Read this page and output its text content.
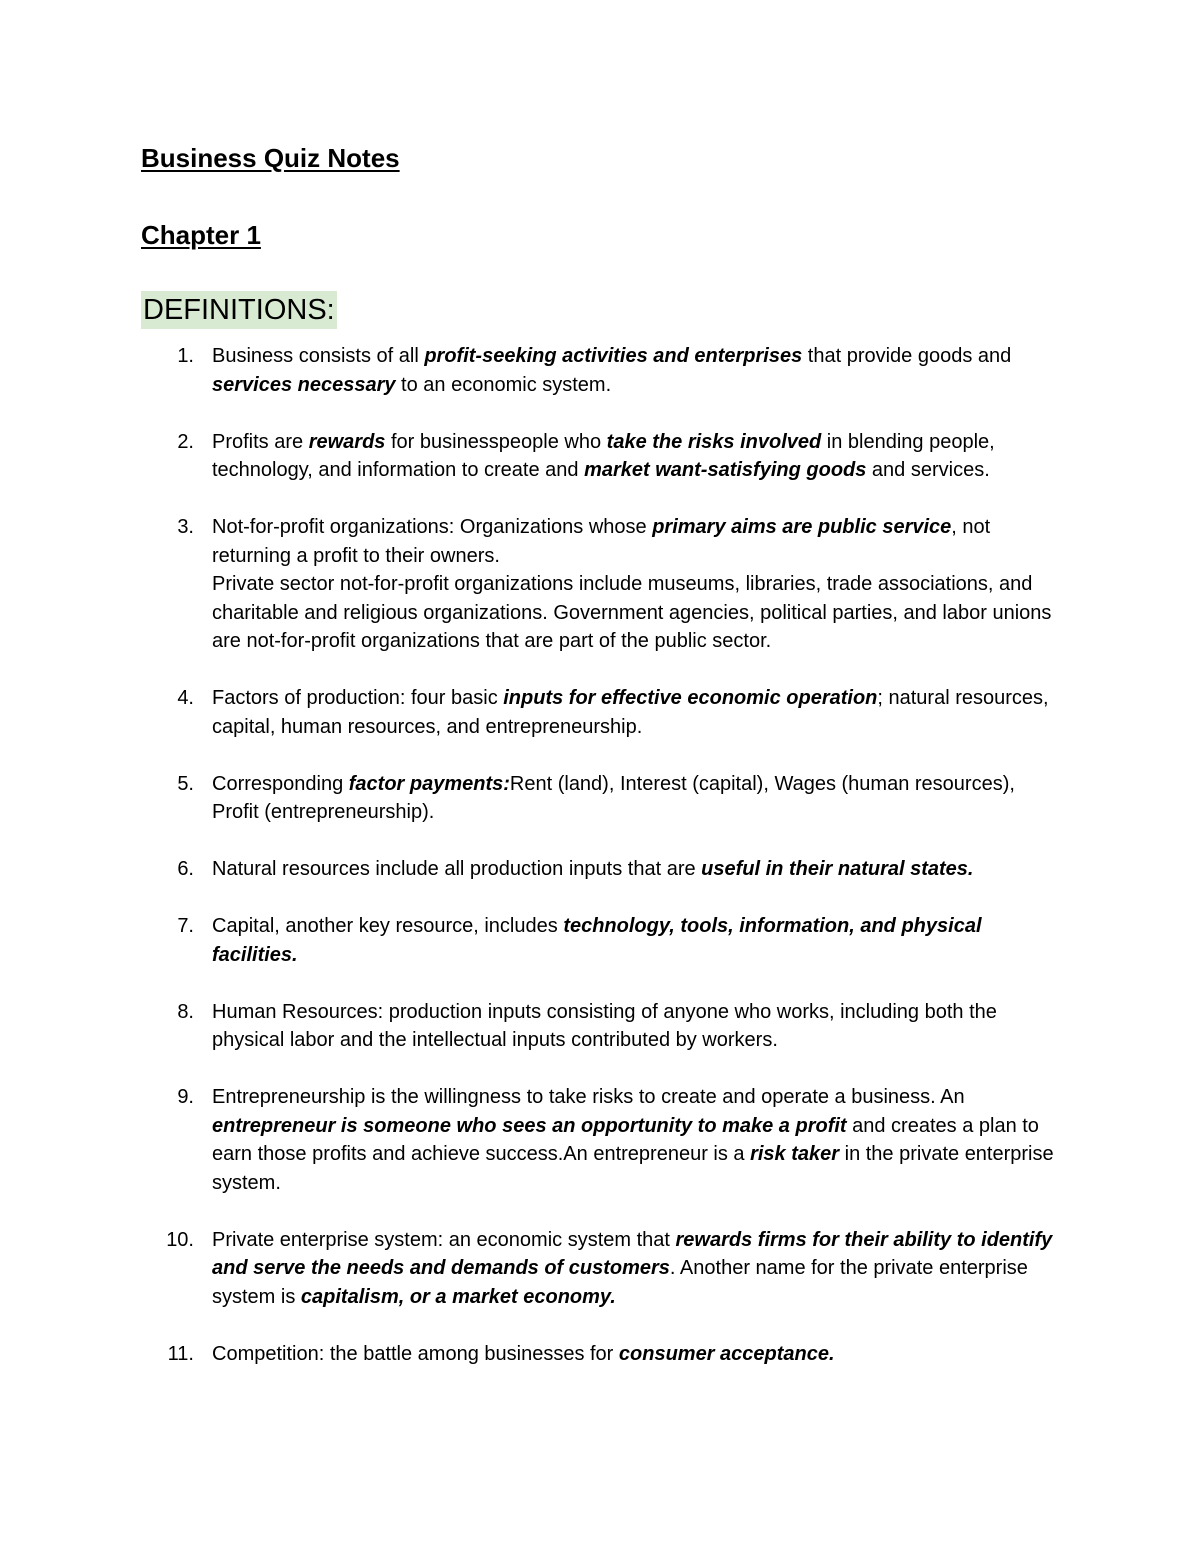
Business Quiz Notes
Chapter 1
DEFINITIONS:
1. Business consists of all profit-seeking activities and enterprises that provide goods and services necessary to an economic system.
2. Profits are rewards for businesspeople who take the risks involved in blending people, technology, and information to create and market want-satisfying goods and services.
3. Not-for-profit organizations: Organizations whose primary aims are public service, not returning a profit to their owners.
Private sector not-for-profit organizations include museums, libraries, trade associations, and charitable and religious organizations. Government agencies, political parties, and labor unions are not-for-profit organizations that are part of the public sector.
4. Factors of production: four basic inputs for effective economic operation; natural resources, capital, human resources, and entrepreneurship.
5. Corresponding factor payments:Rent (land), Interest (capital), Wages (human resources), Profit (entrepreneurship).
6. Natural resources include all production inputs that are useful in their natural states.
7. Capital, another key resource, includes technology, tools, information, and physical facilities.
8. Human Resources: production inputs consisting of anyone who works, including both the physical labor and the intellectual inputs contributed by workers.
9. Entrepreneurship is the willingness to take risks to create and operate a business. An entrepreneur is someone who sees an opportunity to make a profit and creates a plan to earn those profits and achieve success.An entrepreneur is a risk taker in the private enterprise system.
10. Private enterprise system: an economic system that rewards firms for their ability to identify and serve the needs and demands of customers. Another name for the private enterprise system is capitalism, or a market economy.
11. Competition: the battle among businesses for consumer acceptance.
